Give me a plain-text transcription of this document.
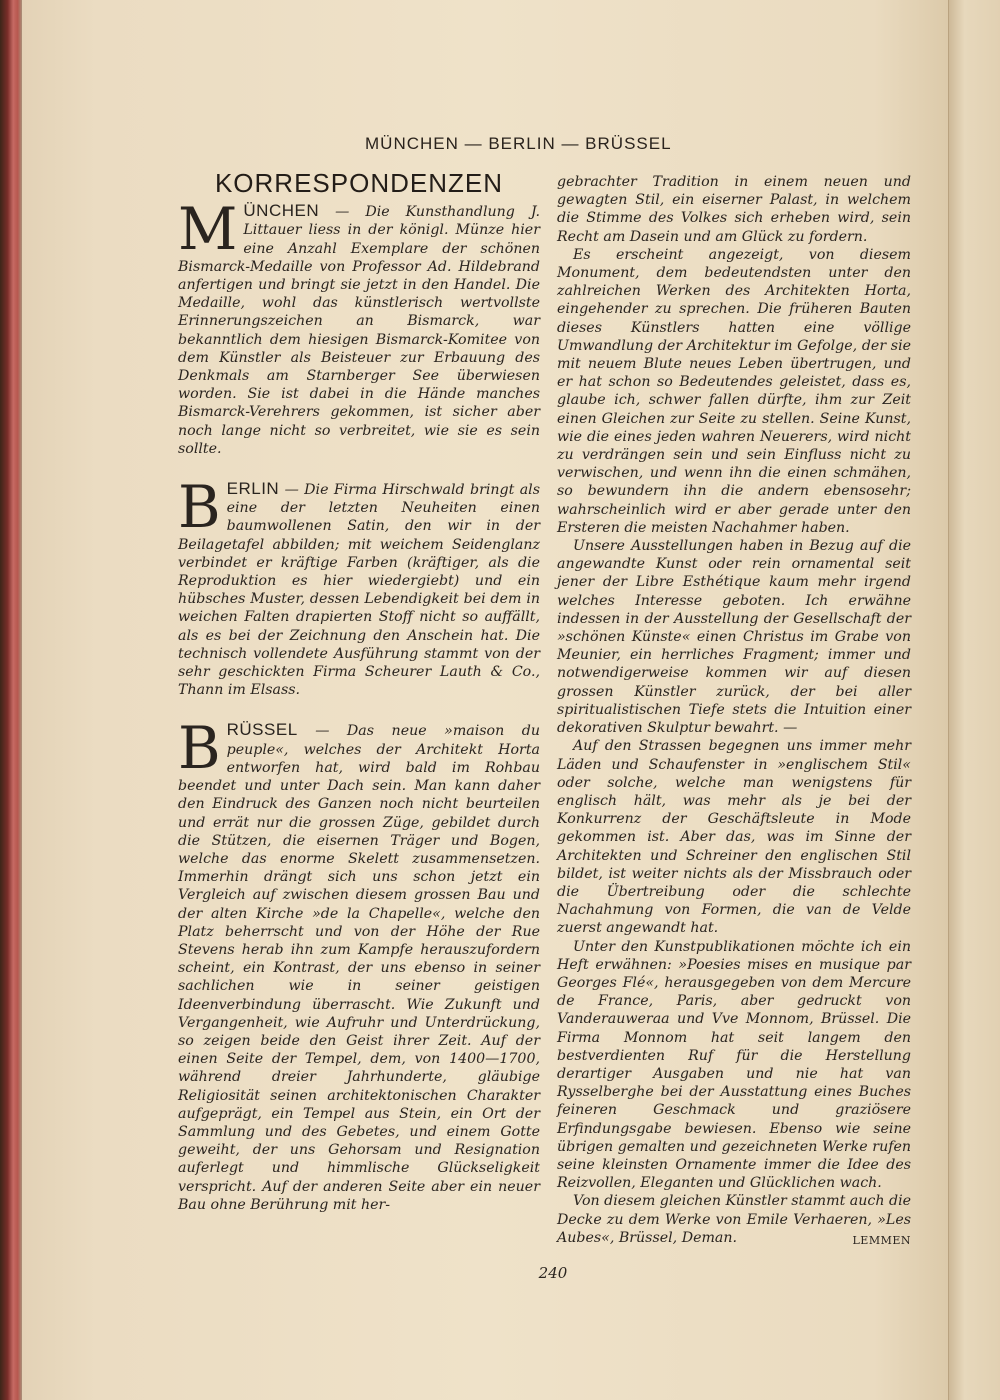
MÜNCHEN — BERLIN — BRÜSSEL
KORRESPONDENZEN

MÜNCHEN — Die Kunsthandlung J. Littauer liess in der königl. Münze hier eine Anzahl Exemplare der schönen Bismarck-Medaille von Professor Ad. Hildebrand anfertigen und bringt sie jetzt in den Handel. Die Medaille, wohl das künstlerisch wertvollste Erinnerungszeichen an Bismarck, war bekanntlich dem hiesigen Bismarck-Komitee von dem Künstler als Beisteuer zur Erbauung des Denkmals am Starnberger See überwiesen worden. Sie ist dabei in die Hände manches Bismarck-Verehrers gekommen, ist sicher aber noch lange nicht so verbreitet, wie sie es sein sollte.

BERLIN — Die Firma Hirschwald bringt als eine der letzten Neuheiten einen baumwollenen Satin, den wir in der Beilagetafel abbilden; mit weichem Seidenglanz verbindet er kräftige Farben (kräftiger, als die Reproduktion es hier wiedergiebt) und ein hübsches Muster, dessen Lebendigkeit bei dem in weichen Falten drapierten Stoff nicht so auffällt, als es bei der Zeichnung den Anschein hat. Die technisch vollendete Ausführung stammt von der sehr geschickten Firma Scheurer Lauth & Co., Thann im Elsass.

BRÜSSEL — Das neue »maison du peuple«, welches der Architekt Horta entworfen hat, wird bald im Rohbau beendet und unter Dach sein. Man kann daher den Eindruck des Ganzen noch nicht beurteilen und errät nur die grossen Züge, gebildet durch die Stützen, die eisernen Träger und Bogen, welche das enorme Skelett zusammensetzen. Immerhin drängt sich uns schon jetzt ein Vergleich auf zwischen diesem grossen Bau und der alten Kirche »de la Chapelle«, welche den Platz beherrscht und von der Höhe der Rue Stevens herab ihn zum Kampfe herauszufordern scheint, ein Kontrast, der uns ebenso in seiner sachlichen wie in seiner geistigen Ideenverbindung überrascht. Wie Zukunft und Vergangenheit, wie Aufruhr und Unterdrückung, so zeigen beide den Geist ihrer Zeit. Auf der einen Seite der Tempel, dem, von 1400—1700, während dreier Jahrhunderte, gläubige Religiosität seinen architektonischen Charakter aufgeprägt, ein Tempel aus Stein, ein Ort der Sammlung und des Gebetes, und einem Gotte geweiht, der uns Gehorsam und Resignation auferlegt und himmlische Glückseligkeit verspricht. Auf der anderen Seite aber ein neuer Bau ohne Berührung mit her-

gebrachter Tradition in einem neuen und gewagten Stil, ein eiserner Palast, in welchem die Stimme des Volkes sich erheben wird, sein Recht am Dasein und am Glück zu fordern.

Es erscheint angezeigt, von diesem Monument, dem bedeutendsten unter den zahlreichen Werken des Architekten Horta, eingehender zu sprechen. Die früheren Bauten dieses Künstlers hatten eine völlige Umwandlung der Architektur im Gefolge, der sie mit neuem Blute neues Leben übertrugen, und er hat schon so Bedeutendes geleistet, dass es, glaube ich, schwer fallen dürfte, ihm zur Zeit einen Gleichen zur Seite zu stellen. Seine Kunst, wie die eines jeden wahren Neuerers, wird nicht zu verdrängen sein und sein Einfluss nicht zu verwischen, und wenn ihn die einen schmähen, so bewundern ihn die andern ebensosehr; wahrscheinlich wird er aber gerade unter den Ersteren die meisten Nachahmer haben.

Unsere Ausstellungen haben in Bezug auf die angewandte Kunst oder rein ornamental seit jener der Libre Esthétique kaum mehr irgend welches Interesse geboten. Ich erwähne indessen in der Ausstellung der Gesellschaft der »schönen Künste« einen Christus im Grabe von Meunier, ein herrliches Fragment; immer und notwendigerweise kommen wir auf diesen grossen Künstler zurück, der bei aller spiritualistischen Tiefe stets die Intuition einer dekorativen Skulptur bewahrt. —

Auf den Strassen begegnen uns immer mehr Läden und Schaufenster in »englischem Stil« oder solche, welche man wenigstens für englisch hält, was mehr als je bei der Konkurrenz der Geschäftsleute in Mode gekommen ist. Aber das, was im Sinne der Architekten und Schreiner den englischen Stil bildet, ist weiter nichts als der Missbrauch oder die Übertreibung oder die schlechte Nachahmung von Formen, die van de Velde zuerst angewandt hat.

Unter den Kunstpublikationen möchte ich ein Heft erwähnen: »Poesies mises en musique par Georges Flé«, herausgegeben von dem Mercure de France, Paris, aber gedruckt von Vanderauweraa und Vve Monnom, Brüssel. Die Firma Monnom hat seit langem den bestverdienten Ruf für die Herstellung derartiger Ausgaben und nie hat van Rysselberghe bei der Ausstattung eines Buches feineren Geschmack und graziösere Erfindungsgabe bewiesen. Ebenso wie seine übrigen gemalten und gezeichneten Werke rufen seine kleinsten Ornamente immer die Idee des Reizvollen, Eleganten und Glücklichen wach.

Von diesem gleichen Künstler stammt auch die Decke zu dem Werke von Emile Verhaeren, »Les Aubes«, Brüssel, Deman.	LEMMEN

240
